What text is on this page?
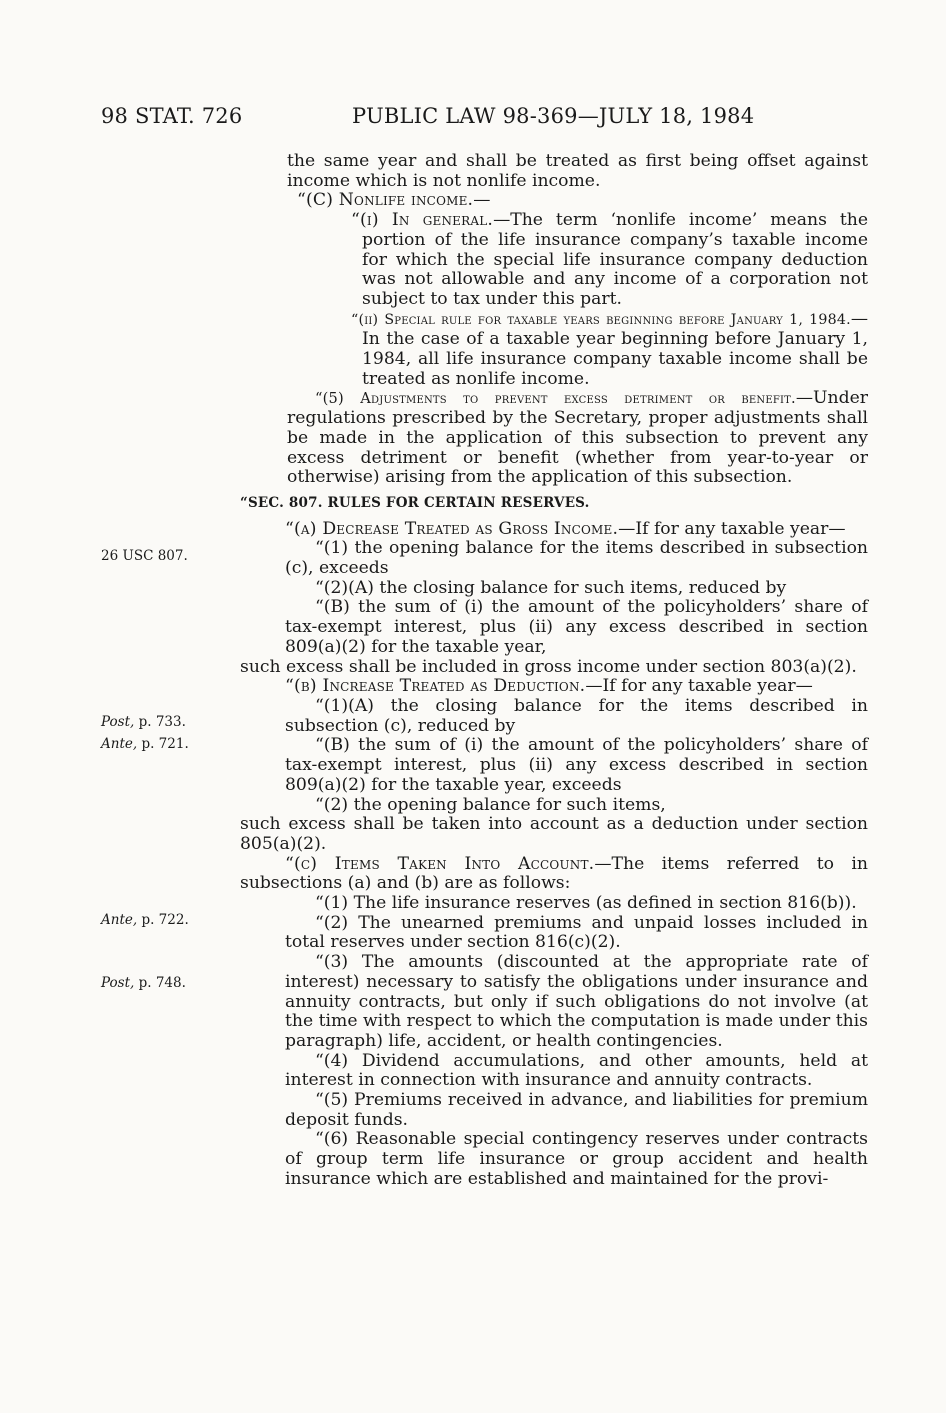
98 STAT. 726	PUBLIC LAW 98-369—JULY 18, 1984
26 USC 807.
Post, p. 733.
Ante, p. 721.
Ante, p. 722.
Post, p. 748.

the same year and shall be treated as first being offset against income which is not nonlife income.

“(C) Nonlife income.—

“(i) In general.—The term ‘nonlife income’ means the portion of the life insurance company’s taxable income for which the special life insurance company deduction was not allowable and any income of a corporation not subject to tax under this part.

“(ii) Special rule for taxable years beginning before January 1, 1984.—In the case of a taxable year beginning before January 1, 1984, all life insurance company taxable income shall be treated as nonlife income.

“(5) Adjustments to prevent excess detriment or benefit.—Under regulations prescribed by the Secretary, proper adjustments shall be made in the application of this subsection to prevent any excess detriment or benefit (whether from year-to-year or otherwise) arising from the application of this subsection.

“SEC. 807. RULES FOR CERTAIN RESERVES.

“(a) Decrease Treated as Gross Income.—If for any taxable year—

“(1) the opening balance for the items described in subsection (c), exceeds

“(2)(A) the closing balance for such items, reduced by

“(B) the sum of (i) the amount of the policyholders’ share of tax-exempt interest, plus (ii) any excess described in section 809(a)(2) for the taxable year,

such excess shall be included in gross income under section 803(a)(2).

“(b) Increase Treated as Deduction.—If for any taxable year—

“(1)(A) the closing balance for the items described in subsection (c), reduced by

“(B) the sum of (i) the amount of the policyholders’ share of tax-exempt interest, plus (ii) any excess described in section 809(a)(2) for the taxable year, exceeds

“(2) the opening balance for such items,

such excess shall be taken into account as a deduction under section 805(a)(2).

“(c) Items Taken Into Account.—The items referred to in subsections (a) and (b) are as follows:

“(1) The life insurance reserves (as defined in section 816(b)).

“(2) The unearned premiums and unpaid losses included in total reserves under section 816(c)(2).

“(3) The amounts (discounted at the appropriate rate of interest) necessary to satisfy the obligations under insurance and annuity contracts, but only if such obligations do not involve (at the time with respect to which the computation is made under this paragraph) life, accident, or health contingencies.

“(4) Dividend accumulations, and other amounts, held at interest in connection with insurance and annuity contracts.

“(5) Premiums received in advance, and liabilities for premium deposit funds.

“(6) Reasonable special contingency reserves under contracts of group term life insurance or group accident and health insurance which are established and maintained for the provi-
